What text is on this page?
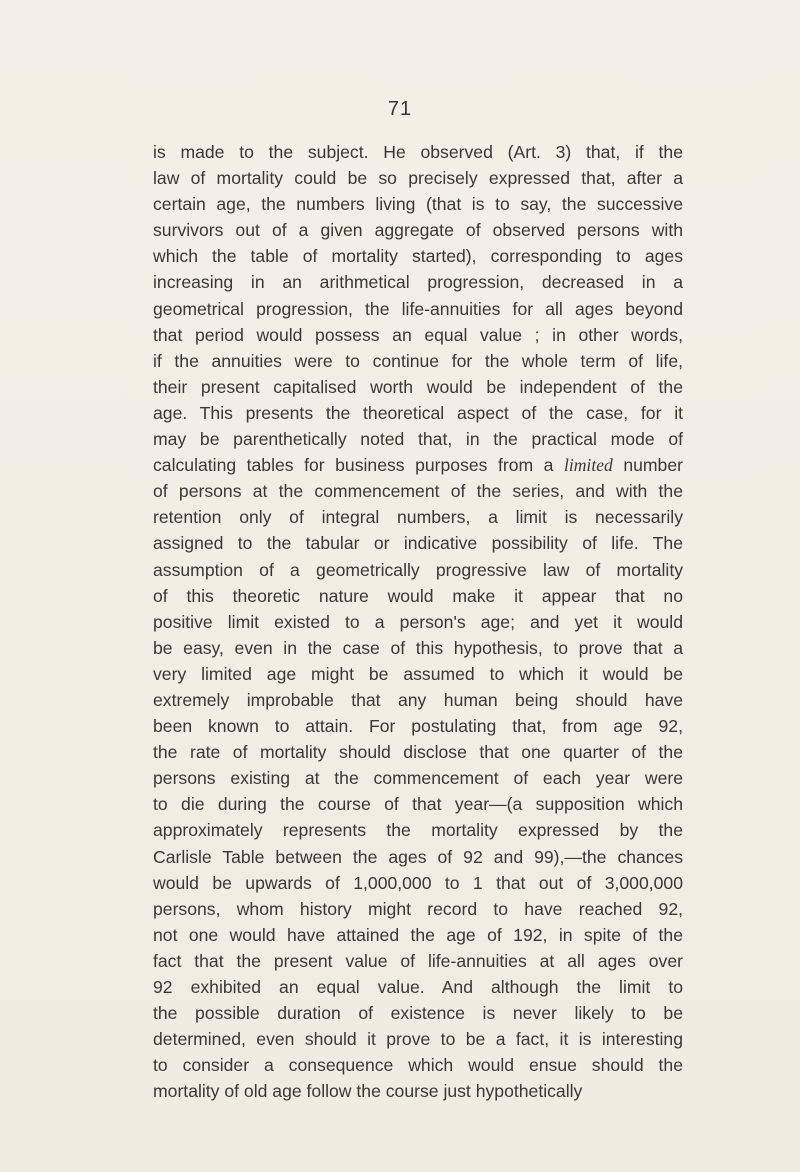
71
is made to the subject. He observed (Art. 3) that, if the
law of mortality could be so precisely expressed that, after a
certain age, the numbers living (that is to say, the successive
survivors out of a given aggregate of observed persons with
which the table of mortality started), corresponding to ages
increasing in an arithmetical progression, decreased in a
geometrical progression, the life-annuities for all ages beyond
that period would possess an equal value ; in other words,
if the annuities were to continue for the whole term of life,
their present capitalised worth would be independent of the
age. This presents the theoretical aspect of the case, for it
may be parenthetically noted that, in the practical mode of
calculating tables for business purposes from a limited number
of persons at the commencement of the series, and with the
retention only of integral numbers, a limit is necessarily
assigned to the tabular or indicative possibility of life. The
assumption of a geometrically progressive law of mortality
of this theoretic nature would make it appear that no
positive limit existed to a person's age; and yet it would
be easy, even in the case of this hypothesis, to prove that a
very limited age might be assumed to which it would be
extremely improbable that any human being should have
been known to attain. For postulating that, from age 92,
the rate of mortality should disclose that one quarter of the
persons existing at the commencement of each year were
to die during the course of that year—(a supposition which
approximately represents the mortality expressed by the
Carlisle Table between the ages of 92 and 99),—the chances
would be upwards of 1,000,000 to 1 that out of 3,000,000
persons, whom history might record to have reached 92,
not one would have attained the age of 192, in spite of the
fact that the present value of life-annuities at all ages over
92 exhibited an equal value. And although the limit to
the possible duration of existence is never likely to be
determined, even should it prove to be a fact, it is interesting
to consider a consequence which would ensue should the
mortality of old age follow the course just hypothetically
